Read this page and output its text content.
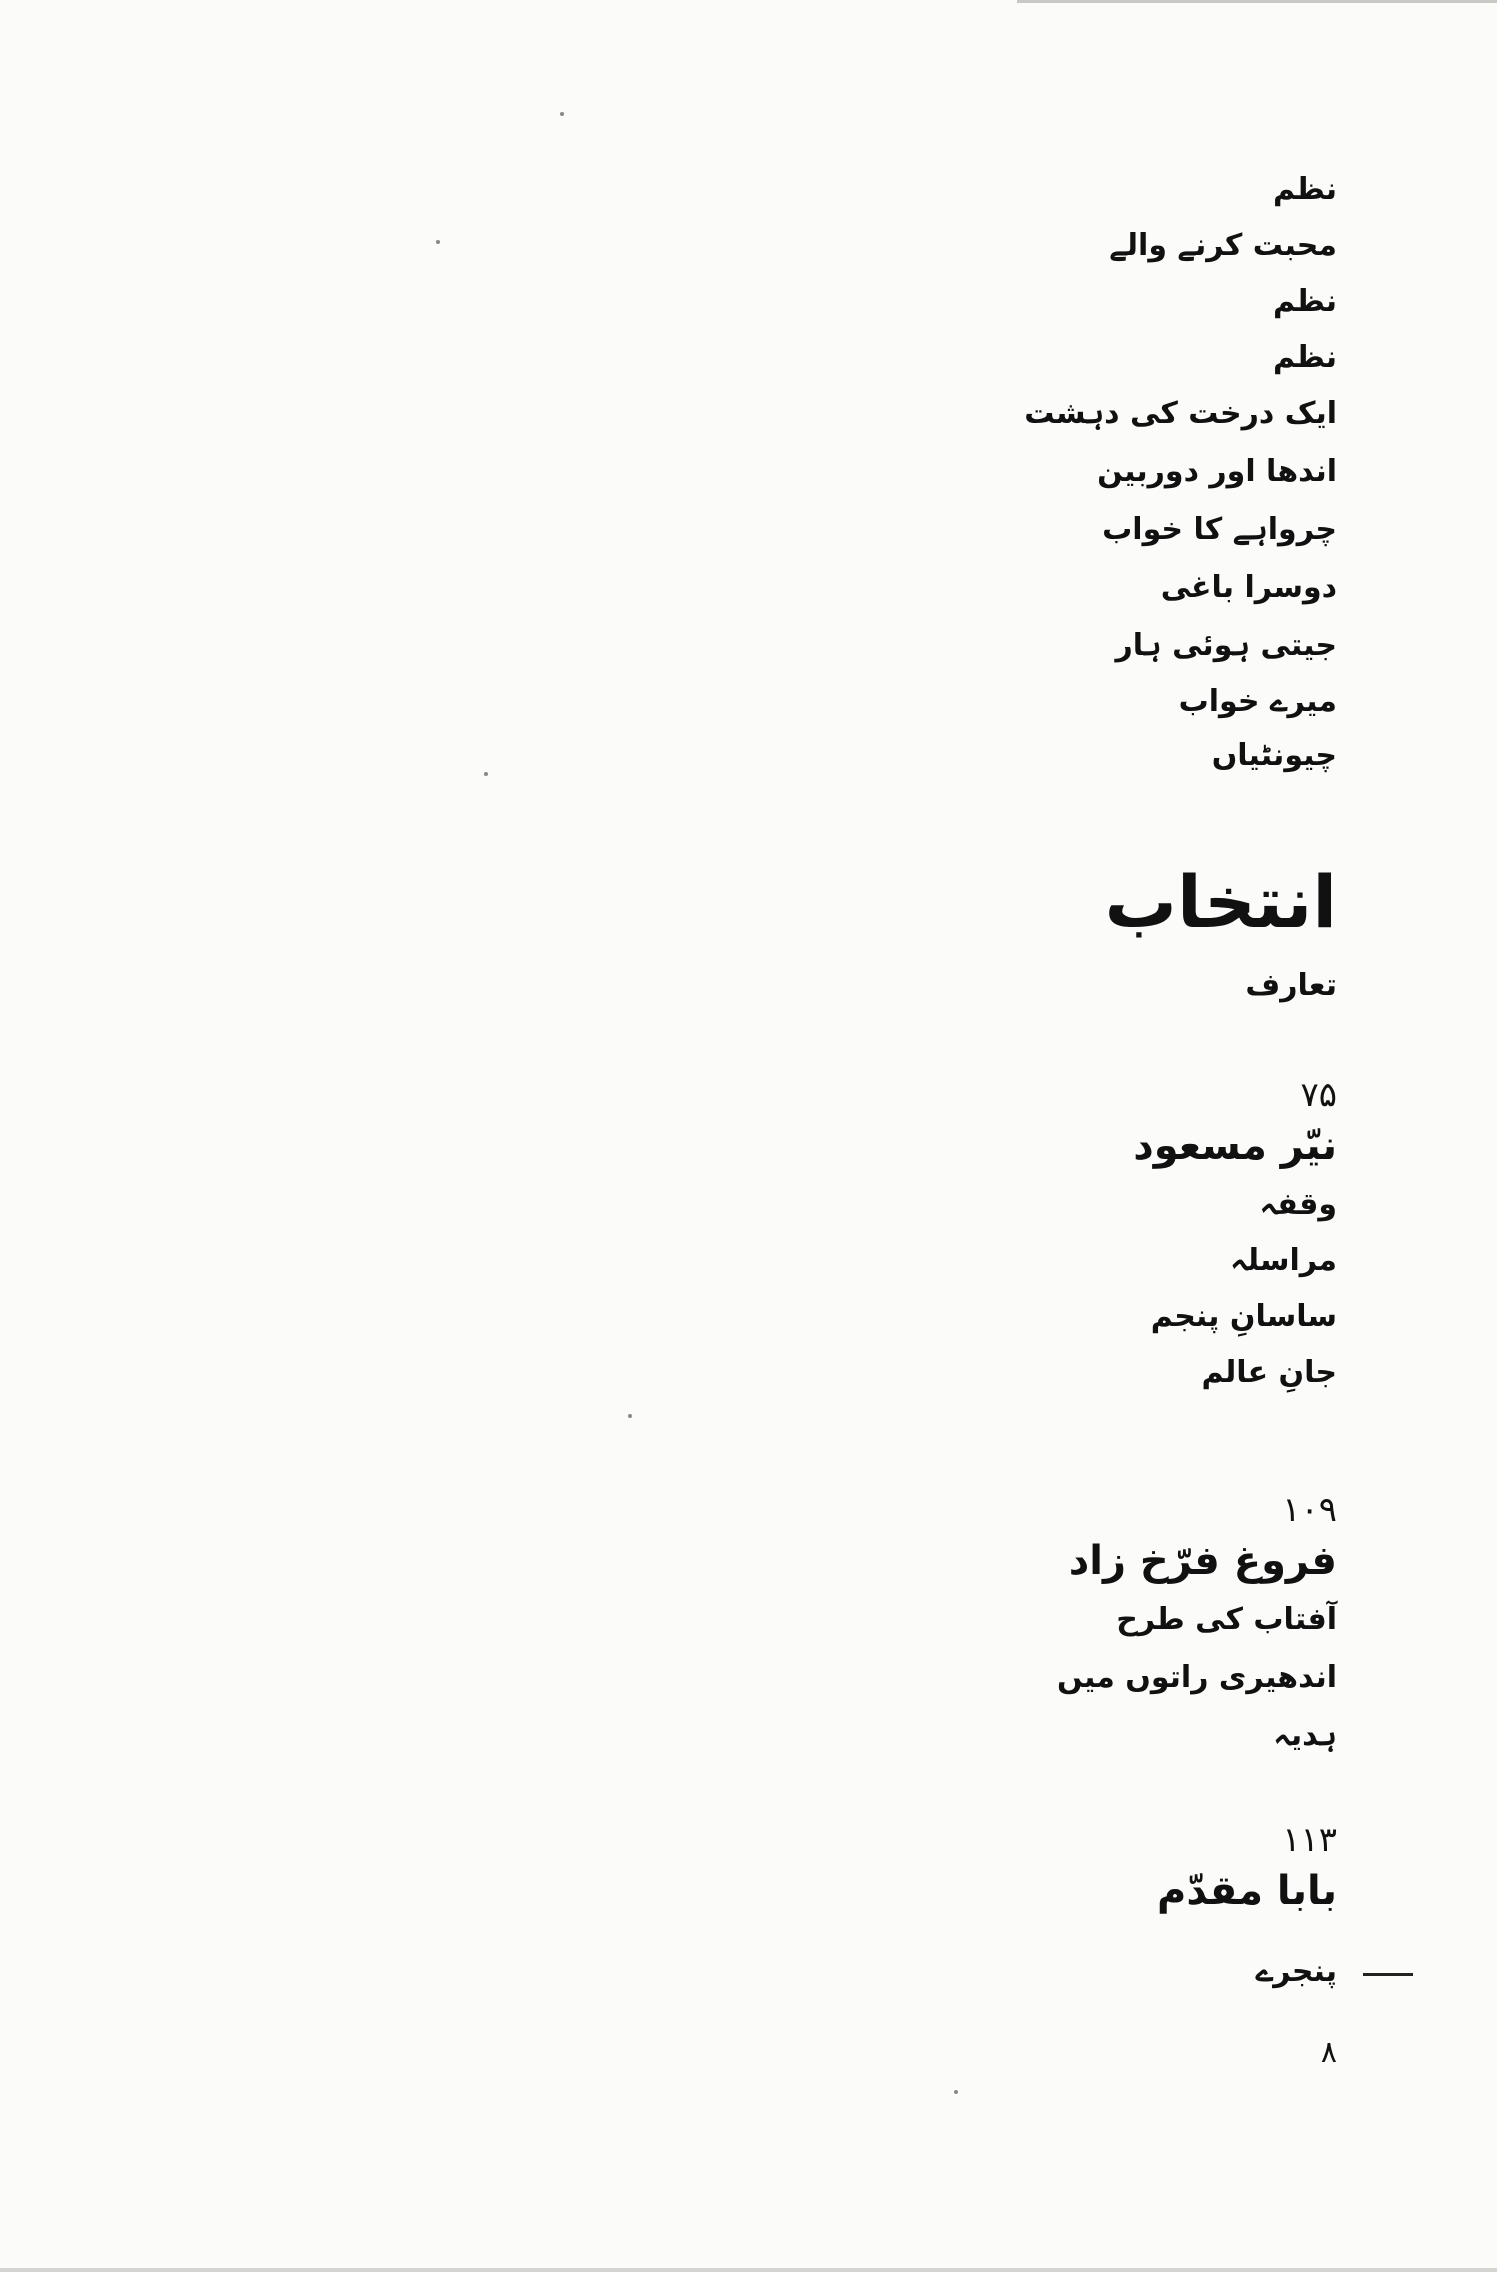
نظم
محبت کرنے والے
نظم
نظم
ایک درخت کی دہشت
اندھا اور دوربین
چرواہے کا خواب
دوسرا باغی
جیتی ہوئی ہار
میرے خواب
چیونٹیاں
انتخاب
تعارف
۷۵
نیّر مسعود
وقفہ
مراسلہ
ساسانِ پنجم
جانِ عالم
۱۰۹
فروغ فرّخ زاد
آفتاب کی طرح
اندھیری راتوں میں
ہدیہ
۱۱۳
بابا مقدّم
پنجرے
۸
